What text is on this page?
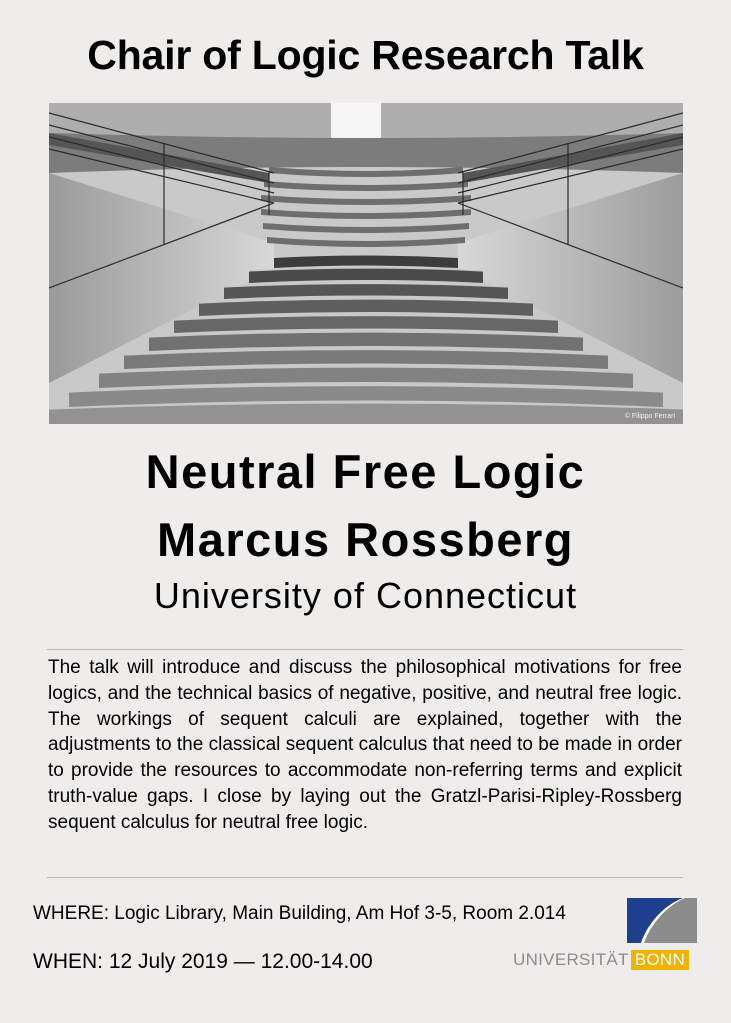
Chair of Logic Research Talk
© Filippo Ferrari
Neutral Free Logic
Marcus Rossberg
University of Connecticut
The talk will introduce and discuss the philosophical motivations for free logics, and the technical basics of negative, positive, and neutral free logic. The workings of sequent calculi are explained, together with the adjustments to the classical sequent calculus that need to be made in order to provide the resources to accommodate non-referring terms and explicit truth-value gaps. I close by laying out the Gratzl-Parisi-Ripley-Rossberg sequent calculus for neutral free logic.
WHERE: Logic Library, Main Building, Am Hof 3-5, Room 2.014
WHEN: 12 July 2019 — 12.00-14.00	UNIVERSITÄT BONN
